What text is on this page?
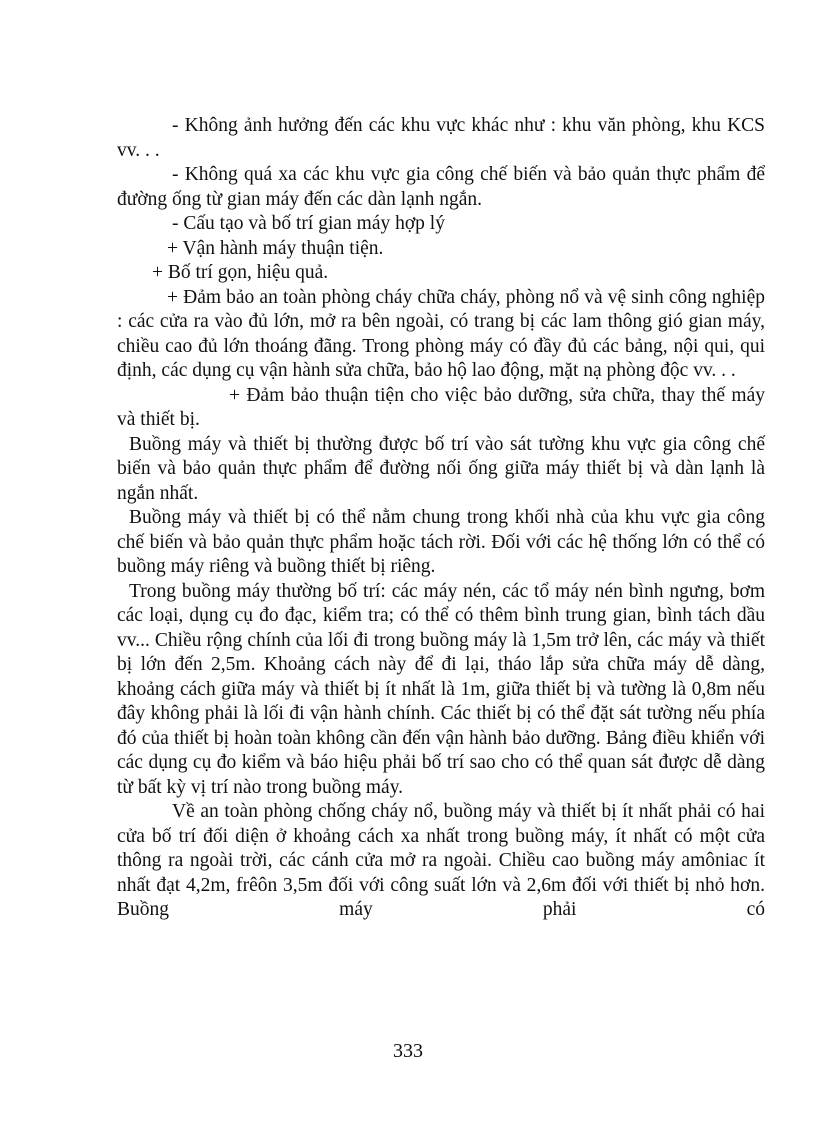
- Không ảnh hưởng đến các khu vực khác như : khu văn phòng, khu KCS vv. . .

- Không quá xa các khu vực gia công chế biến và bảo quản thực phẩm để đường ống từ gian máy đến các dàn lạnh ngắn.

- Cấu tạo và bố trí gian máy hợp lý

+ Vận hành máy thuận tiện.

+ Bố trí gọn, hiệu quả.

+ Đảm bảo an toàn phòng cháy chữa cháy, phòng nổ và vệ sinh công nghiệp : các cửa ra vào đủ lớn, mở ra bên ngoài, có trang bị các lam thông gió gian máy, chiều cao đủ lớn thoáng đãng. Trong phòng máy có đầy đủ các bảng, nội qui, qui định, các dụng cụ vận hành sửa chữa, bảo hộ lao động, mặt nạ phòng độc vv. . .

+ Đảm bảo thuận tiện cho việc bảo dưỡng, sửa chữa, thay thế máy và thiết bị.

Buồng máy và thiết bị thường được bố trí vào sát tường khu vực gia công chế biến và bảo quản thực phẩm để đường nối ống giữa máy thiết bị và dàn lạnh là ngắn nhất.

Buồng máy và thiết bị có thể nằm chung trong khối nhà của khu vực gia công chế biến và bảo quản thực phẩm hoặc tách rời. Đối với các hệ thống lớn có thể có buồng máy riêng và buồng thiết bị riêng.

Trong buồng máy thường bố trí: các máy nén, các tổ máy nén bình ngưng, bơm các loại, dụng cụ đo đạc, kiểm tra; có thể có thêm bình trung gian, bình tách dầu vv... Chiều rộng chính của lối đi trong buồng máy là 1,5m trở lên, các máy và thiết bị lớn đến 2,5m. Khoảng cách này để đi lại, tháo lắp sửa chữa máy dễ dàng, khoảng cách giữa máy và thiết bị ít nhất là 1m, giữa thiết bị và tường là 0,8m nếu đây không phải là lối đi vận hành chính. Các thiết bị có thể đặt sát tường nếu phía đó của thiết bị hoàn toàn không cần đến vận hành bảo dưỡng. Bảng điều khiển với các dụng cụ đo kiểm và báo hiệu phải bố trí sao cho có thể quan sát được dễ dàng từ bất kỳ vị trí nào trong buồng máy.

Về an toàn phòng chống cháy nổ, buồng máy và thiết bị ít nhất phải có hai cửa bố trí đối diện ở khoảng cách xa nhất trong buồng máy, ít nhất có một cửa thông ra ngoài trời, các cánh cửa mở ra ngoài. Chiều cao buồng máy amôniac ít nhất đạt 4,2m, frêôn 3,5m đối với công suất lớn và 2,6m đối với thiết bị nhỏ hơn. Buồng máy phải có

333
